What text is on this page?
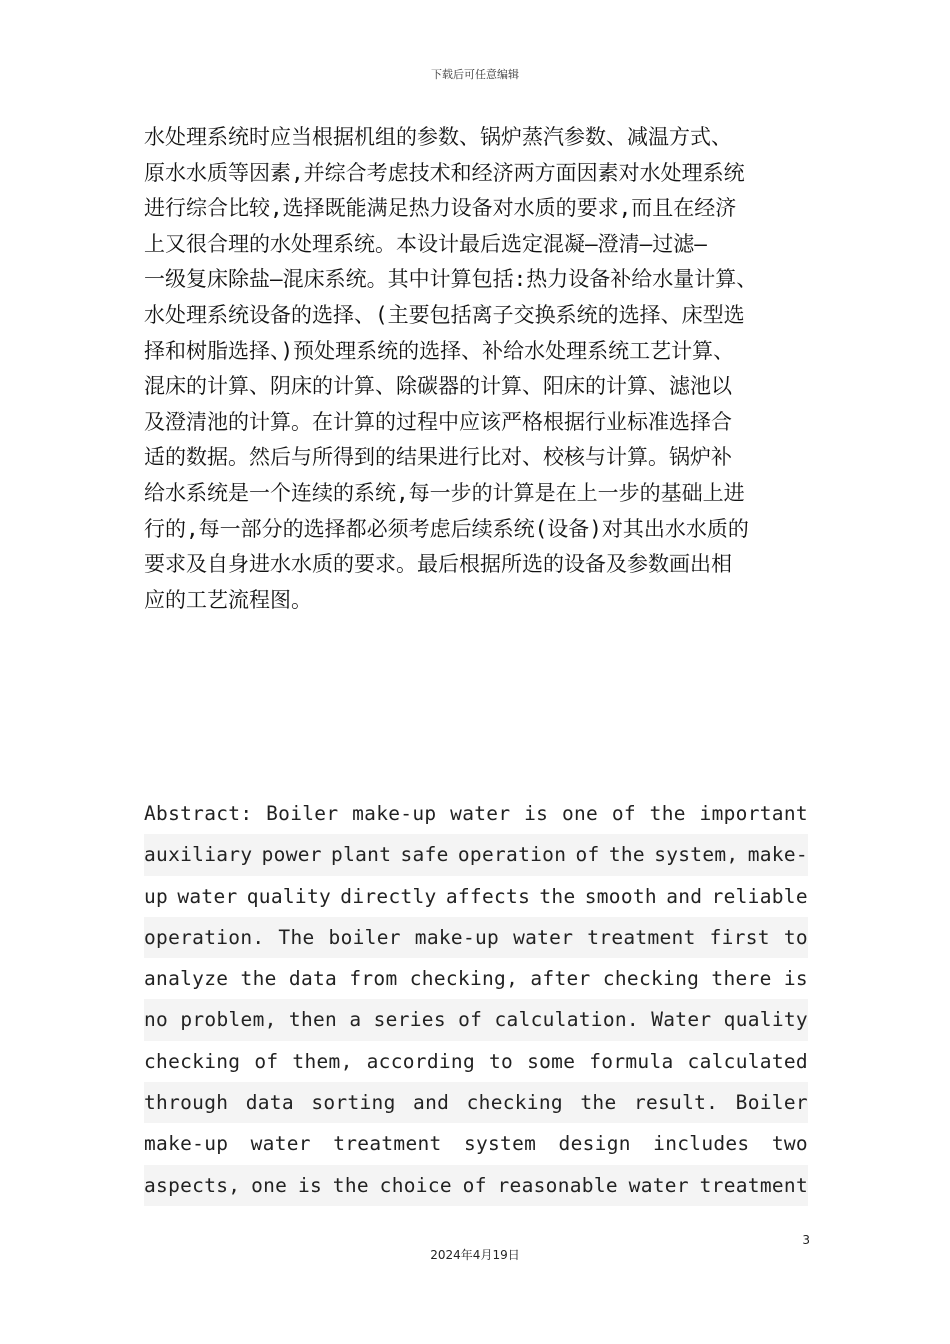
下载后可任意编辑
水处理系统时应当根据机组的参数、锅炉蒸汽参数、减温方式、
原水水质等因素,并综合考虑技术和经济两方面因素对水处理系统
进行综合比较,选择既能满足热力设备对水质的要求,而且在经济
上又很合理的水处理系统。本设计最后选定混凝—澄清—过滤—
一级复床除盐—混床系统。其中计算包括:热力设备补给水量计算、
水处理系统设备的选择、(主要包括离子交换系统的选择、床型选
择和树脂选择、)预处理系统的选择、补给水处理系统工艺计算、
混床的计算、阴床的计算、除碳器的计算、阳床的计算、滤池以
及澄清池的计算。在计算的过程中应该严格根据行业标准选择合
适的数据。然后与所得到的结果进行比对、校核与计算。锅炉补
给水系统是一个连续的系统,每一步的计算是在上一步的基础上进
行的,每一部分的选择都必须考虑后续系统(设备)对其出水水质的
要求及自身进水水质的要求。最后根据所选的设备及参数画出相
应的工艺流程图。
Abstract: Boiler make-up water is one of the important
auxiliary power plant safe operation of the system, make-
up water quality directly affects the smooth and reliable
operation. The boiler make-up water treatment first to
analyze the data from checking, after checking there is
no problem, then a series of calculation. Water quality
checking of them, according to some formula calculated
through data sorting and checking the result. Boiler
make-up water treatment system design includes two
aspects, one is the choice of reasonable water treatment
3
2024年4月19日
